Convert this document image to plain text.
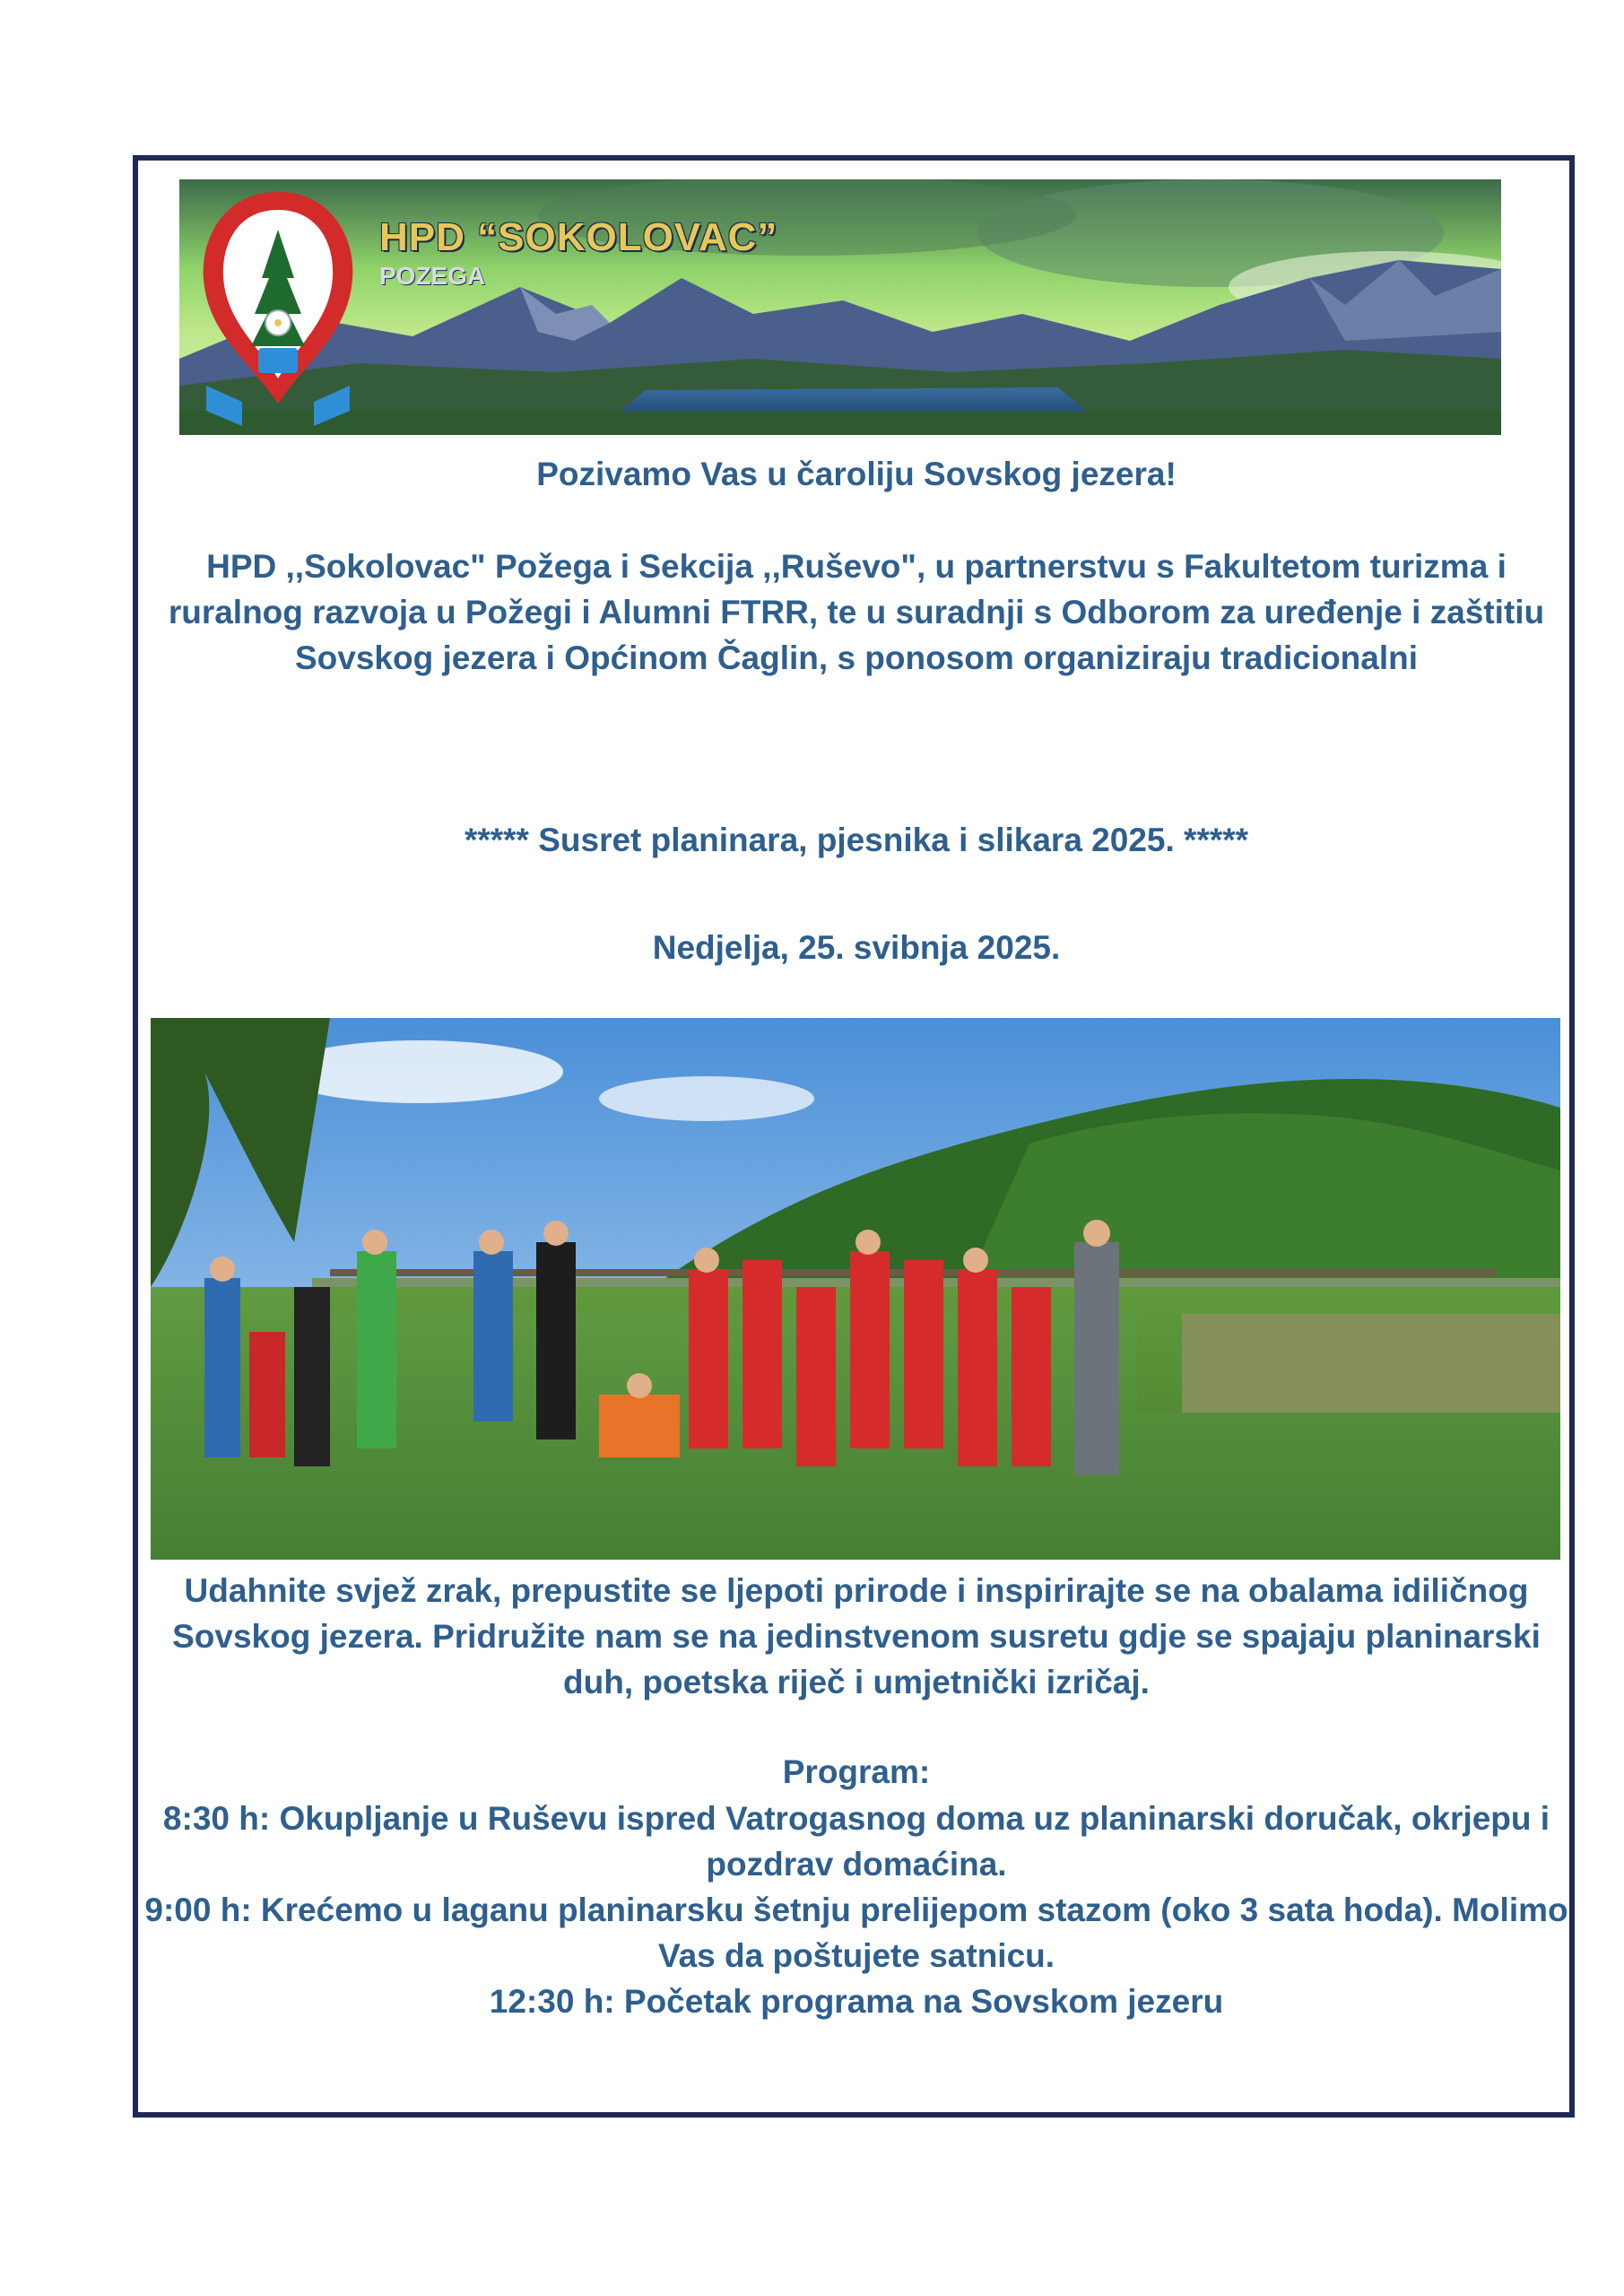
HPD “SOKOLOVAC”
POZEGA

Pozivamo Vas u čaroliju Sovskog jezera!

HPD ,,Sokolovac" Požega i Sekcija ,,Ruševo", u partnerstvu s Fakultetom turizma i ruralnog razvoja u Požegi i Alumni FTRR, te u suradnji s Odborom za uređenje i zaštitiu Sovskog jezera i Općinom Čaglin, s ponosom organiziraju tradicionalni

***** Susret planinara, pjesnika i slikara 2025. *****

Nedjelja, 25. svibnja 2025.

Udahnite svjež zrak, prepustite se ljepoti prirode i inspirirajte se na obalama idiličnog Sovskog jezera. Pridružite nam se na jedinstvenom susretu gdje se spajaju planinarski duh, poetska riječ i umjetnički izričaj.

Program:

8:30 h: Okupljanje u Ruševu ispred Vatrogasnog doma uz planinarski doručak, okrjepu i pozdrav domaćina.

9:00 h: Krećemo u laganu planinarsku šetnju prelijepom stazom (oko 3 sata hoda). Molimo Vas da poštujete satnicu.

12:30 h: Početak programa na Sovskom jezeru
